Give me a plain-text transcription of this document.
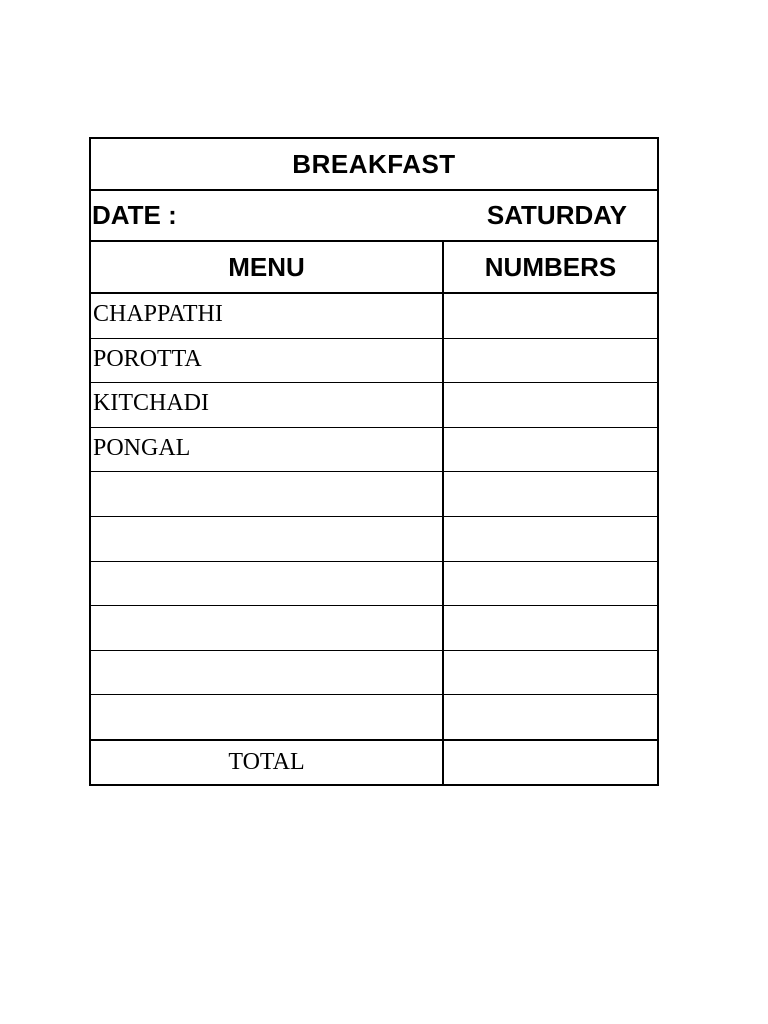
BREAKFAST
DATE :	SATURDAY
MENU	NUMBERS
CHAPPATHI
POROTTA
KITCHADI
PONGAL
TOTAL
